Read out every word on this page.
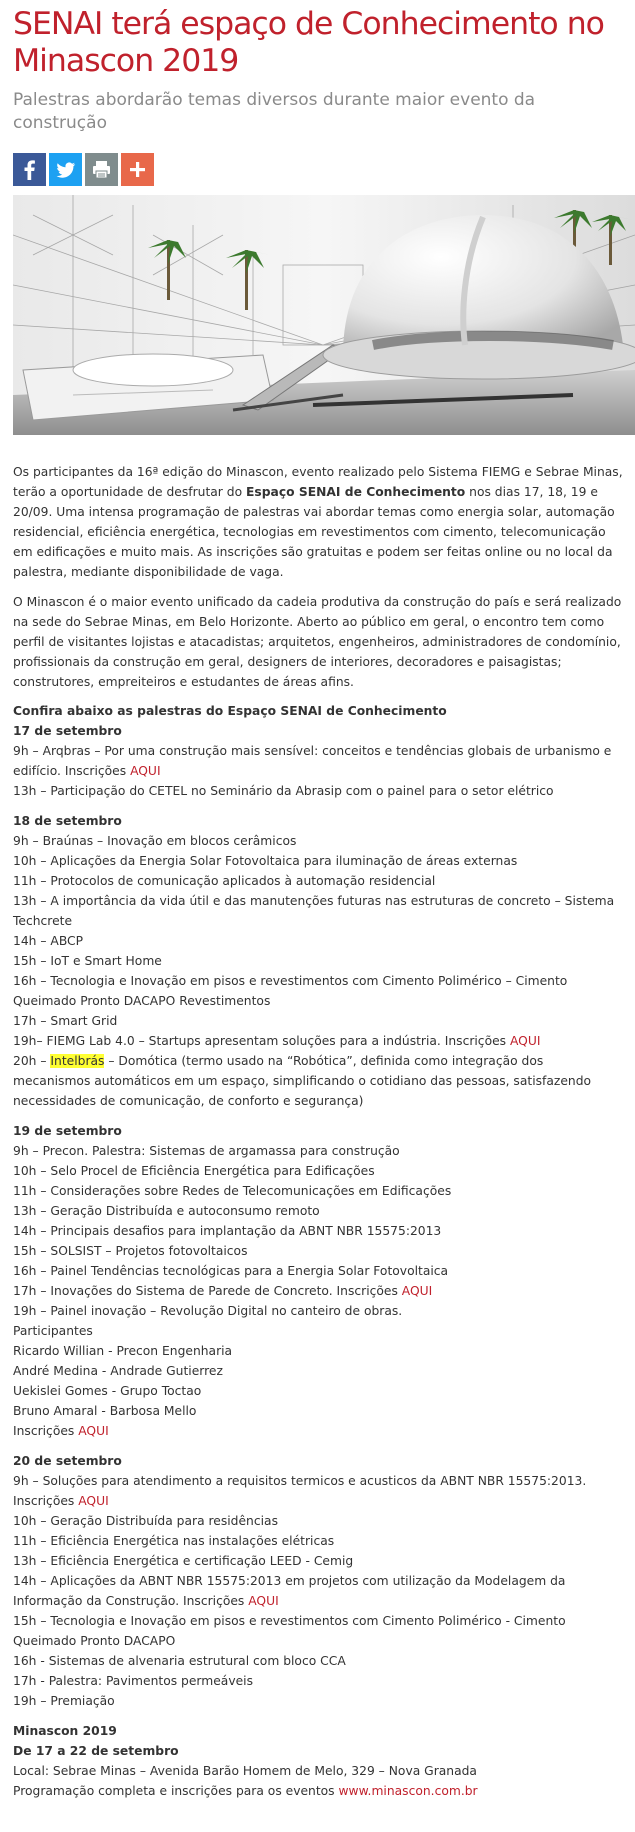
SENAI terá espaço de Conhecimento no Minascon 2019
Palestras abordarão temas diversos durante maior evento da construção

Os participantes da 16ª edição do Minascon, evento realizado pelo Sistema FIEMG e Sebrae Minas, terão a oportunidade de desfrutar do Espaço SENAI de Conhecimento nos dias 17, 18, 19 e 20/09. Uma intensa programação de palestras vai abordar temas como energia solar, automação residencial, eficiência energética, tecnologias em revestimentos com cimento, telecomunicação em edificações e muito mais. As inscrições são gratuitas e podem ser feitas online ou no local da palestra, mediante disponibilidade de vaga.

O Minascon é o maior evento unificado da cadeia produtiva da construção do país e será realizado na sede do Sebrae Minas, em Belo Horizonte. Aberto ao público em geral, o encontro tem como perfil de visitantes lojistas e atacadistas; arquitetos, engenheiros, administradores de condomínio, profissionais da construção em geral, designers de interiores, decoradores e paisagistas; construtores, empreiteiros e estudantes de áreas afins.

Confira abaixo as palestras do Espaço SENAI de Conhecimento
17 de setembro
9h – Arqbras – Por uma construção mais sensível: conceitos e tendências globais de urbanismo e edifício. Inscrições AQUI
13h – Participação do CETEL no Seminário da Abrasip com o painel para o setor elétrico
18 de setembro
9h – Braúnas – Inovação em blocos cerâmicos
10h – Aplicações da Energia Solar Fotovoltaica para iluminação de áreas externas
11h – Protocolos de comunicação aplicados à automação residencial
13h – A importância da vida útil e das manutenções futuras nas estruturas de concreto – Sistema Techcrete
14h – ABCP
15h – IoT e Smart Home
16h – Tecnologia e Inovação em pisos e revestimentos com Cimento Polimérico – Cimento Queimado Pronto DACAPO Revestimentos
17h – Smart Grid
19h– FIEMG Lab 4.0 – Startups apresentam soluções para a indústria. Inscrições AQUI
20h – Intelbrás – Domótica (termo usado na “Robótica”, definida como integração dos mecanismos automáticos em um espaço, simplificando o cotidiano das pessoas, satisfazendo necessidades de comunicação, de conforto e segurança)
19 de setembro
9h – Precon. Palestra: Sistemas de argamassa para construção
10h – Selo Procel de Eficiência Energética para Edificações
11h – Considerações sobre Redes de Telecomunicações em Edificações
13h – Geração Distribuída e autoconsumo remoto
14h – Principais desafios para implantação da ABNT NBR 15575:2013
15h – SOLSIST – Projetos fotovoltaicos
16h – Painel Tendências tecnológicas para a Energia Solar Fotovoltaica
17h – Inovações do Sistema de Parede de Concreto. Inscrições AQUI
19h – Painel inovação – Revolução Digital no canteiro de obras.
Participantes
Ricardo Willian - Precon Engenharia
André Medina - Andrade Gutierrez
Uekislei Gomes - Grupo Toctao
Bruno Amaral - Barbosa Mello
Inscrições AQUI
20 de setembro
9h – Soluções para atendimento a requisitos termicos e acusticos da ABNT NBR 15575:2013. Inscrições AQUI
10h – Geração Distribuída para residências
11h – Eficiência Energética nas instalações elétricas
13h – Eficiência Energética e certificação LEED - Cemig
14h – Aplicações da ABNT NBR 15575:2013 em projetos com utilização da Modelagem da Informação da Construção. Inscrições AQUI
15h – Tecnologia e Inovação em pisos e revestimentos com Cimento Polimérico - Cimento Queimado Pronto DACAPO
16h - Sistemas de alvenaria estrutural com bloco CCA
17h - Palestra: Pavimentos permeáveis
19h – Premiação
Minascon 2019
De 17 a 22 de setembro
Local: Sebrae Minas – Avenida Barão Homem de Melo, 329 – Nova Granada
Programação completa e inscrições para os eventos www.minascon.com.br
